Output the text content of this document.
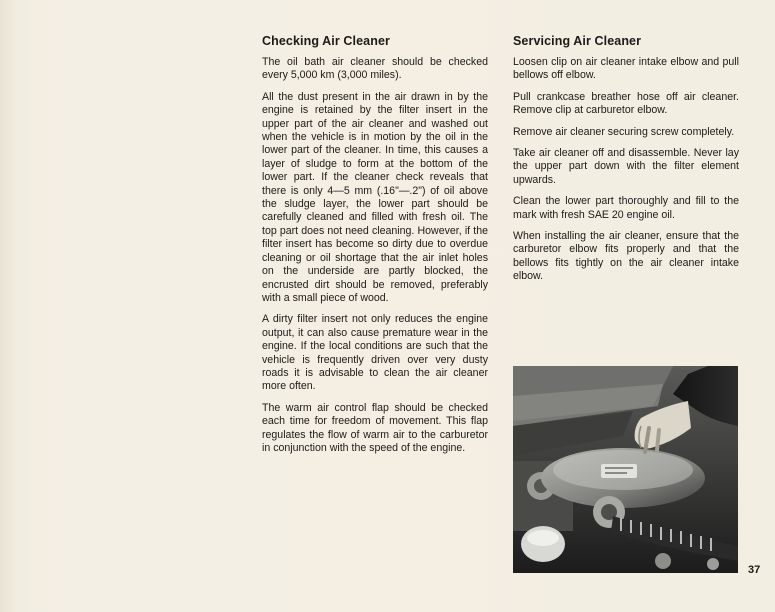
Checking Air Cleaner

The oil bath air cleaner should be checked every 5,000 km (3,000 miles).

All the dust present in the air drawn in by the engine is retained by the filter insert in the upper part of the air cleaner and washed out when the vehicle is in motion by the oil in the lower part of the cleaner. In time, this causes a layer of sludge to form at the bottom of the lower part. If the cleaner check reveals that there is only 4—5 mm (.16"—.2") of oil above the sludge layer, the lower part should be carefully cleaned and filled with fresh oil. The top part does not need cleaning. However, if the filter insert has become so dirty due to overdue cleaning or oil shortage that the air inlet holes on the underside are partly blocked, the encrusted dirt should be removed, preferably with a small piece of wood.

A dirty filter insert not only reduces the engine output, it can also cause premature wear in the engine. If the local conditions are such that the vehicle is frequently driven over very dusty roads it is advisable to clean the air cleaner more often.

The warm air control flap should be checked each time for freedom of movement. This flap regulates the flow of warm air to the carburetor in conjunction with the speed of the engine.

Servicing Air Cleaner

Loosen clip on air cleaner intake elbow and pull bellows off elbow.

Pull crankcase breather hose off air cleaner. Remove clip at carburetor elbow.

Remove air cleaner securing screw completely.

Take air cleaner off and disassemble. Never lay the upper part down with the filter element upwards.

Clean the lower part thoroughly and fill to the mark with fresh SAE 20 engine oil.

When installing the air cleaner, ensure that the carburetor elbow fits properly and that the bellows fits tightly on the air cleaner intake elbow.

37
